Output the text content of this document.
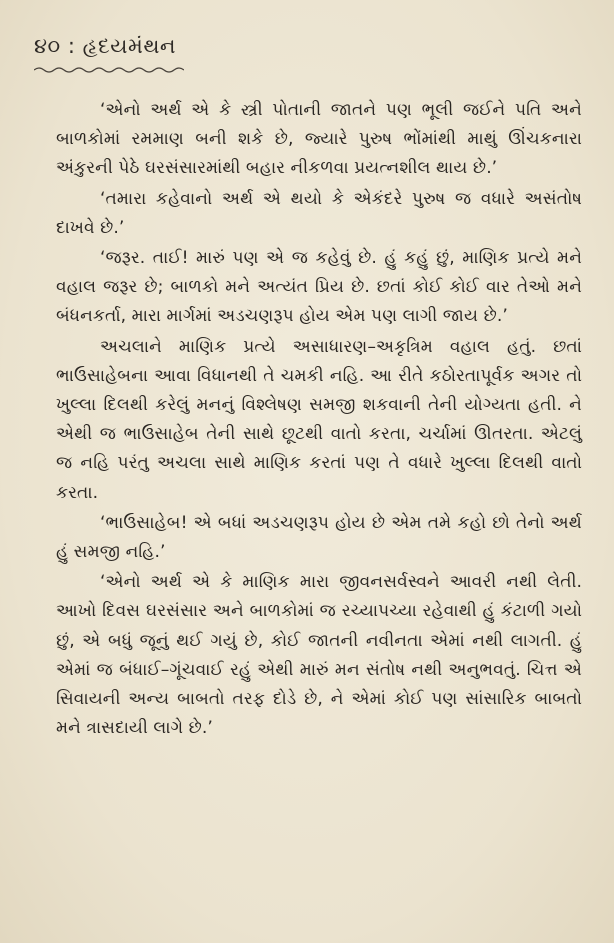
૪૦ : હૃદયમંથન

‘એનો અર્થ એ કે સ્ત્રી પોતાની જાતને પણ ભૂલી જઈને પતિ અને બાળકોમાં રમમાણ બની શકે છે, જ્યારે પુરુષ ભોંમાંથી માથું ઊંચકનારા અંકુરની પેઠે ઘરસંસારમાંથી બહાર નીકળવા પ્રયત્નશીલ થાય છે.’

‘તમારા કહેવાનો અર્થ એ થયો કે એકંદરે પુરુષ જ વધારે અસંતોષ દાખવે છે.’

‘જરૂર. તાઈ! મારું પણ એ જ કહેવું છે. હું કહું છું, માણિક પ્રત્યે મને વહાલ જરૂર છે; બાળકો મને અત્યંત પ્રિય છે. છતાં કોઈ કોઈ વાર તેઓ મને બંધનકર્તા, મારા માર્ગમાં અડચણરૂપ હોય એમ પણ લાગી જાય છે.’

અચલાને માણિક પ્રત્યે અસાધારણ–અકૃત્રિમ વહાલ હતું. છતાં ભાઉસાહેબના આવા વિધાનથી તે ચમકી નહિ. આ રીતે કઠોરતાપૂર્વક અગર તો ખુલ્લા દિલથી કરેલું મનનું વિશ્લેષણ સમજી શકવાની તેની યોગ્યતા હતી. ને એથી જ ભાઉસાહેબ તેની સાથે છૂટથી વાતો કરતા, ચર્ચામાં ઊતરતા. એટલું જ નહિ પરંતુ અચલા સાથે માણિક કરતાં પણ તે વધારે ખુલ્લા દિલથી વાતો કરતા.

‘ભાઉસાહેબ! એ બધાં અડચણરૂપ હોય છે એમ તમે કહો છો તેનો અર્થ હું સમજી નહિ.’

‘એનો અર્થ એ કે માણિક મારા જીવનસર્વસ્વને આવરી નથી લેતી. આખો દિવસ ઘરસંસાર અને બાળકોમાં જ રચ્યાપચ્યા રહેવાથી હું કંટાળી ગયો છું, એ બધું જૂનું થઈ ગયું છે, કોઈ જાતની નવીનતા એમાં નથી લાગતી. હું એમાં જ બંધાઈ–ગૂંચવાઈ રહું એથી મારું મન સંતોષ નથી અનુભવતું. ચિત્ત એ સિવાયની અન્ય બાબતો તરફ દોડે છે, ને એમાં કોઈ પણ સાંસારિક બાબતો મને ત્રાસદાયી લાગે છે.’
